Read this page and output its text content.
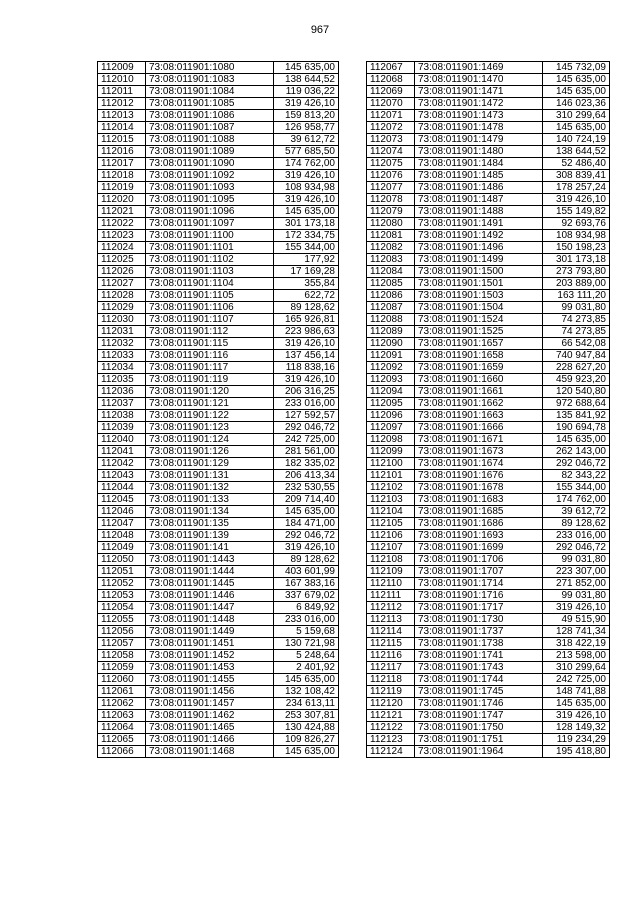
967
112009	73:08:011901:1080	145 635,00
112010	73:08:011901:1083	138 644,52
112011	73:08:011901:1084	119 036,22
112012	73:08:011901:1085	319 426,10
112013	73:08:011901:1086	159 813,20
112014	73:08:011901:1087	126 958,77
112015	73:08:011901:1088	39 612,72
112016	73:08:011901:1089	577 685,50
112017	73:08:011901:1090	174 762,00
112018	73:08:011901:1092	319 426,10
112019	73:08:011901:1093	108 934,98
112020	73:08:011901:1095	319 426,10
112021	73:08:011901:1096	145 635,00
112022	73:08:011901:1097	301 173,18
112023	73:08:011901:1100	172 334,75
112024	73:08:011901:1101	155 344,00
112025	73:08:011901:1102	177,92
112026	73:08:011901:1103	17 169,28
112027	73:08:011901:1104	355,84
112028	73:08:011901:1105	622,72
112029	73:08:011901:1106	89 128,62
112030	73:08:011901:1107	165 926,81
112031	73:08:011901:112	223 986,63
112032	73:08:011901:115	319 426,10
112033	73:08:011901:116	137 456,14
112034	73:08:011901:117	118 838,16
112035	73:08:011901:119	319 426,10
112036	73:08:011901:120	206 316,25
112037	73:08:011901:121	233 016,00
112038	73:08:011901:122	127 592,57
112039	73:08:011901:123	292 046,72
112040	73:08:011901:124	242 725,00
112041	73:08:011901:126	281 561,00
112042	73:08:011901:129	182 335,02
112043	73:08:011901:131	206 413,34
112044	73:08:011901:132	232 530,55
112045	73:08:011901:133	209 714,40
112046	73:08:011901:134	145 635,00
112047	73:08:011901:135	184 471,00
112048	73:08:011901:139	292 046,72
112049	73:08:011901:141	319 426,10
112050	73:08:011901:1443	89 128,62
112051	73:08:011901:1444	403 601,99
112052	73:08:011901:1445	167 383,16
112053	73:08:011901:1446	337 679,02
112054	73:08:011901:1447	6 849,92
112055	73:08:011901:1448	233 016,00
112056	73:08:011901:1449	5 159,68
112057	73:08:011901:1451	130 721,98
112058	73:08:011901:1452	5 248,64
112059	73:08:011901:1453	2 401,92
112060	73:08:011901:1455	145 635,00
112061	73:08:011901:1456	132 108,42
112062	73:08:011901:1457	234 613,11
112063	73:08:011901:1462	253 307,81
112064	73:08:011901:1465	130 424,88
112065	73:08:011901:1466	109 826,27
112066	73:08:011901:1468	145 635,00
112067	73:08:011901:1469	145 732,09
112068	73:08:011901:1470	145 635,00
112069	73:08:011901:1471	145 635,00
112070	73:08:011901:1472	146 023,36
112071	73:08:011901:1473	310 299,64
112072	73:08:011901:1478	145 635,00
112073	73:08:011901:1479	140 724,19
112074	73:08:011901:1480	138 644,52
112075	73:08:011901:1484	52 486,40
112076	73:08:011901:1485	308 839,41
112077	73:08:011901:1486	178 257,24
112078	73:08:011901:1487	319 426,10
112079	73:08:011901:1488	155 149,82
112080	73:08:011901:1491	92 693,76
112081	73:08:011901:1492	108 934,98
112082	73:08:011901:1496	150 198,23
112083	73:08:011901:1499	301 173,18
112084	73:08:011901:1500	273 793,80
112085	73:08:011901:1501	203 889,00
112086	73:08:011901:1503	163 111,20
112087	73:08:011901:1504	99 031,80
112088	73:08:011901:1524	74 273,85
112089	73:08:011901:1525	74 273,85
112090	73:08:011901:1657	66 542,08
112091	73:08:011901:1658	740 947,84
112092	73:08:011901:1659	228 627,20
112093	73:08:011901:1660	459 923,20
112094	73:08:011901:1661	120 540,80
112095	73:08:011901:1662	972 688,64
112096	73:08:011901:1663	135 841,92
112097	73:08:011901:1666	190 694,78
112098	73:08:011901:1671	145 635,00
112099	73:08:011901:1673	262 143,00
112100	73:08:011901:1674	292 046,72
112101	73:08:011901:1676	82 343,22
112102	73:08:011901:1678	155 344,00
112103	73:08:011901:1683	174 762,00
112104	73:08:011901:1685	39 612,72
112105	73:08:011901:1686	89 128,62
112106	73:08:011901:1693	233 016,00
112107	73:08:011901:1699	292 046,72
112108	73:08:011901:1706	99 031,80
112109	73:08:011901:1707	223 307,00
112110	73:08:011901:1714	271 852,00
112111	73:08:011901:1716	99 031,80
112112	73:08:011901:1717	319 426,10
112113	73:08:011901:1730	49 515,90
112114	73:08:011901:1737	128 741,34
112115	73:08:011901:1738	318 422,19
112116	73:08:011901:1741	213 598,00
112117	73:08:011901:1743	310 299,64
112118	73:08:011901:1744	242 725,00
112119	73:08:011901:1745	148 741,88
112120	73:08:011901:1746	145 635,00
112121	73:08:011901:1747	319 426,10
112122	73:08:011901:1750	128 149,32
112123	73:08:011901:1751	119 234,29
112124	73:08:011901:1964	195 418,80
